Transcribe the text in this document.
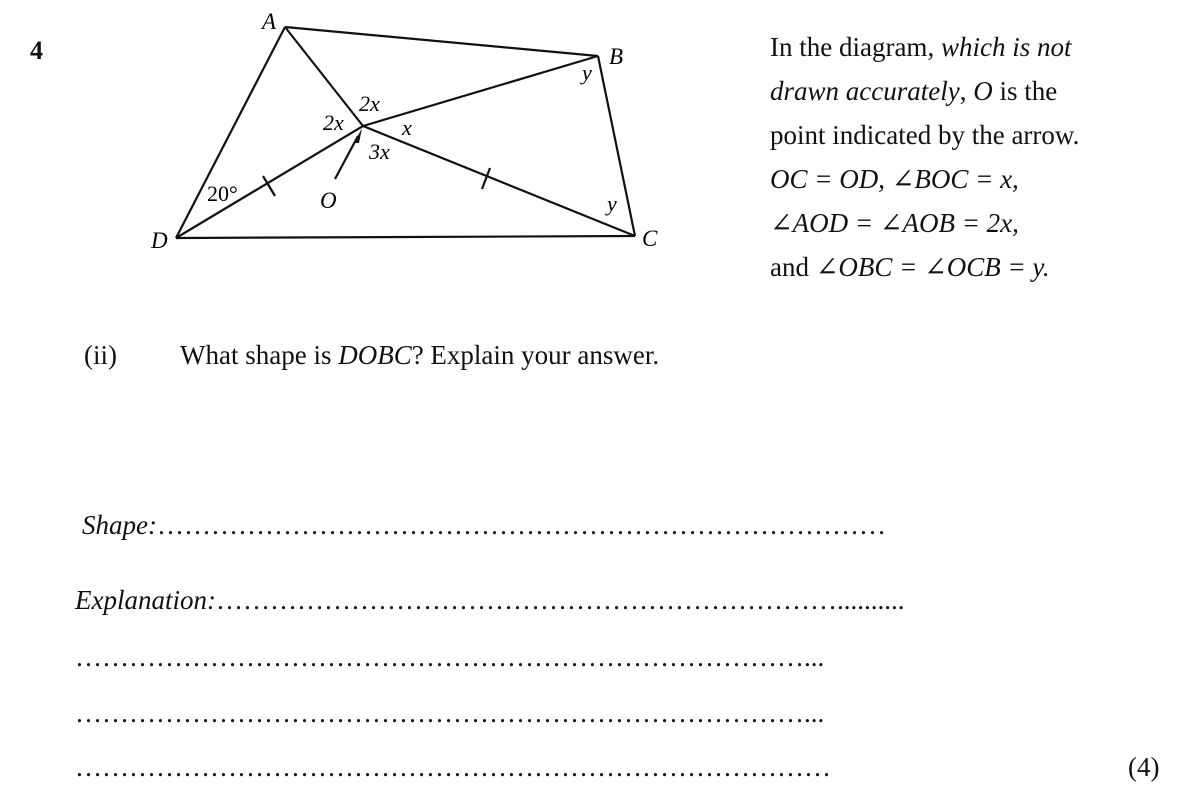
4
A
B
C
D
O
2x
2x	x
3x
20°
y
y
In the diagram, which is not
drawn accurately, O is the
point indicated by the arrow.
OC = OD, ∠BOC = x,
∠AOD = ∠AOB = 2x,
and ∠OBC = ∠OCB = y.
(ii) What shape is DOBC? Explain your answer.
Shape:………………………………………………………………………
Explanation:……………………………………………………………..........
………………………………………………………………………...
………………………………………………………………………...
…………………………………………………………………………	(4)
